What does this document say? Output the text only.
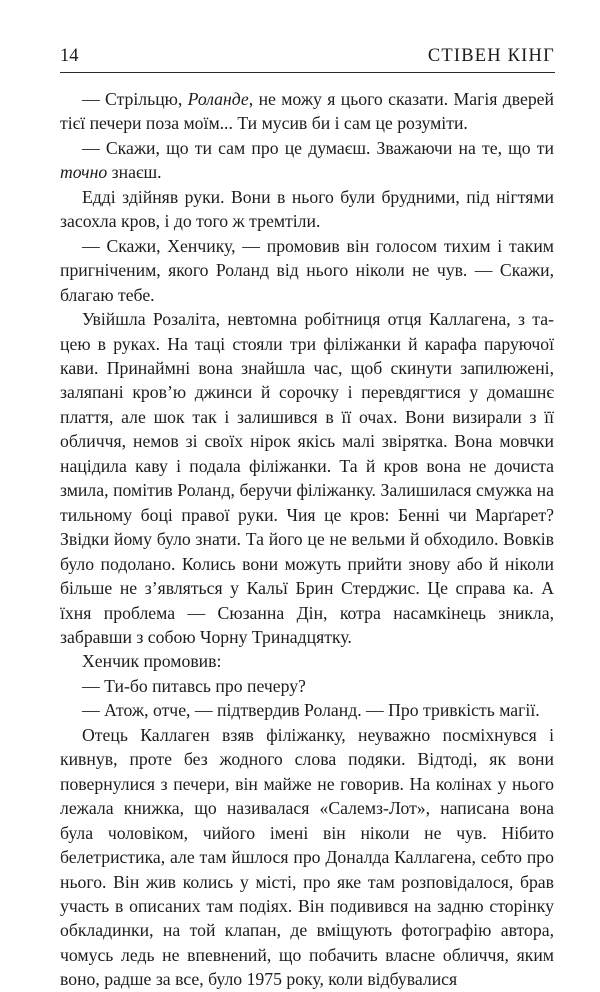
14	СТІВЕН КІНГ

— Стрільцю, Роланде, не можу я цього сказати. Магія дверей тієї печери поза моїм... Ти мусив би і сам це розуміти.

— Скажи, що ти сам про це думаєш. Зважаючи на те, що ти точно знаєш.

Едді здійняв руки. Вони в нього були брудними, під нігтями засохла кров, і до того ж тремтіли.

— Скажи, Хенчику, — промовив він голосом тихим і таким пригніченим, якого Роланд від нього ніколи не чув. — Скажи, благаю тебе.

Увійшла Розаліта, невтомна робітниця отця Каллагена, з тацею в руках. На таці стояли три філіжанки й карафа паруючої кави. Принаймні вона знайшла час, щоб скинути запилюжені, заляпані кров’ю джинси й сорочку і перевдягтися у домашнє плаття, але шок так і залишився в її очах. Вони визирали з її обличчя, немов зі своїх нірок якісь малі звірятка. Вона мовчки націдила каву і подала філіжанки. Та й кров вона не дочиста змила, помітив Роланд, беручи філіжанку. Залишилася смужка на тильному боці правої руки. Чия це кров: Бенні чи Марґарет? Звідки йому було знати. Та його це не вельми й обходило. Вовків було подолано. Колись вони можуть прийти знову або й ніколи більше не з’являться у Кальї Брин Стерджис. Це справа ка. А їхня проблема — Сюзанна Дін, котра насамкінець зникла, забравши з собою Чорну Тринадцятку.

Хенчик промовив:

— Ти-бо питавсь про печеру?

— Атож, отче, — підтвердив Роланд. — Про тривкість магії.

Отець Каллаген взяв філіжанку, неуважно посміхнувся і кивнув, проте без жодного слова подяки. Відтоді, як вони повернулися з печери, він майже не говорив. На колінах у нього лежала книжка, що називалася «Салемз-Лот», написана вона була чоловіком, чийого імені він ніколи не чув. Нібито белетристика, але там йшлося про Доналда Каллагена, себто про нього. Він жив колись у місті, про яке там розповідалося, брав участь в описаних там подіях. Він подивився на задню сторінку обкладинки, на той клапан, де вміщують фотографію автора, чомусь ледь не впевнений, що побачить власне обличчя, яким воно, радше за все, було 1975 року, коли відбувалися
